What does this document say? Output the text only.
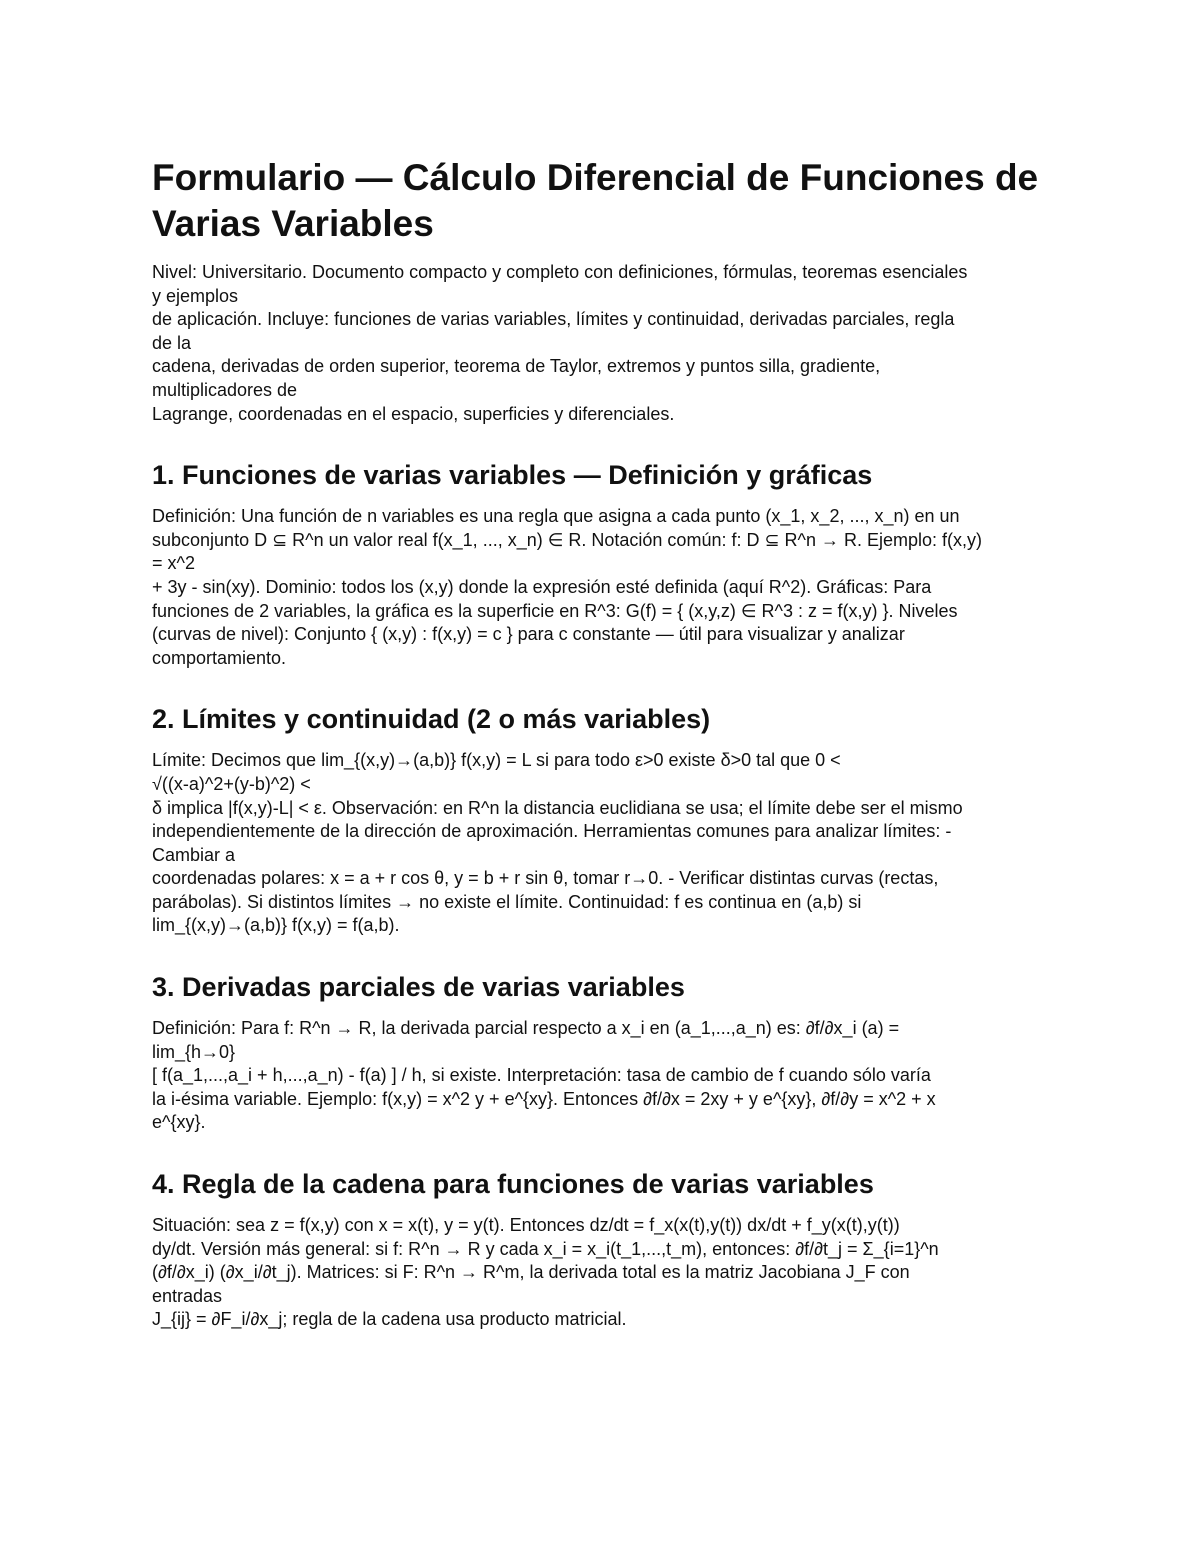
Formulario — Cálculo Diferencial de Funciones de
Varias Variables
Nivel: Universitario. Documento compacto y completo con definiciones, fórmulas, teoremas esenciales
y ejemplos
de aplicación. Incluye: funciones de varias variables, límites y continuidad, derivadas parciales, regla
de la
cadena, derivadas de orden superior, teorema de Taylor, extremos y puntos silla, gradiente,
multiplicadores de
Lagrange, coordenadas en el espacio, superficies y diferenciales.
1. Funciones de varias variables — Definición y gráficas
Definición: Una función de n variables es una regla que asigna a cada punto (x_1, x_2, ..., x_n) en un
subconjunto D ⊆ R^n un valor real f(x_1, ..., x_n) ∈ R. Notación común: f: D ⊆ R^n → R. Ejemplo: f(x,y)
= x^2
+ 3y - sin(xy). Dominio: todos los (x,y) donde la expresión esté definida (aquí R^2). Gráficas: Para
funciones de 2 variables, la gráfica es la superficie en R^3: G(f) = { (x,y,z) ∈ R^3 : z = f(x,y) }. Niveles
(curvas de nivel): Conjunto { (x,y) : f(x,y) = c } para c constante — útil para visualizar y analizar
comportamiento.
2. Límites y continuidad (2 o más variables)
Límite: Decimos que lim_{(x,y)→(a,b)} f(x,y) = L si para todo ε>0 existe δ>0 tal que 0 <
√((x-a)^2+(y-b)^2) <
δ implica |f(x,y)-L| < ε. Observación: en R^n la distancia euclidiana se usa; el límite debe ser el mismo
independientemente de la dirección de aproximación. Herramientas comunes para analizar límites: -
Cambiar a
coordenadas polares: x = a + r cos θ, y = b + r sin θ, tomar r→0. - Verificar distintas curvas (rectas,
parábolas). Si distintos límites → no existe el límite. Continuidad: f es continua en (a,b) si
lim_{(x,y)→(a,b)} f(x,y) = f(a,b).
3. Derivadas parciales de varias variables
Definición: Para f: R^n → R, la derivada parcial respecto a x_i en (a_1,...,a_n) es: ∂f/∂x_i (a) =
lim_{h→0}
[ f(a_1,...,a_i + h,...,a_n) - f(a) ] / h, si existe. Interpretación: tasa de cambio de f cuando sólo varía
la i-ésima variable. Ejemplo: f(x,y) = x^2 y + e^{xy}. Entonces ∂f/∂x = 2xy + y e^{xy}, ∂f/∂y = x^2 + x
e^{xy}.
4. Regla de la cadena para funciones de varias variables
Situación: sea z = f(x,y) con x = x(t), y = y(t). Entonces dz/dt = f_x(x(t),y(t)) dx/dt + f_y(x(t),y(t))
dy/dt. Versión más general: si f: R^n → R y cada x_i = x_i(t_1,...,t_m), entonces: ∂f/∂t_j = Σ_{i=1}^n
(∂f/∂x_i) (∂x_i/∂t_j). Matrices: si F: R^n → R^m, la derivada total es la matriz Jacobiana J_F con
entradas
J_{ij} = ∂F_i/∂x_j; regla de la cadena usa producto matricial.
